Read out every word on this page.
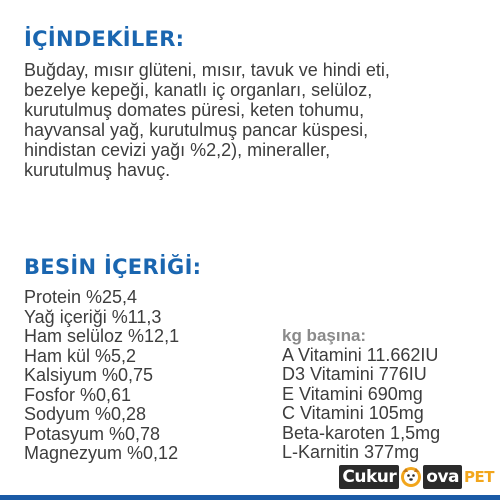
İÇİNDEKİLER:
Buğday, mısır glüteni, mısır, tavuk ve hindi eti,
bezelye kepeği, kanatlı iç organları, selüloz,
kurutulmuş domates püresi, keten tohumu,
hayvansal yağ, kurutulmuş pancar küspesi,
hindistan cevizi yağı %2,2), mineraller,
kurutulmuş havuç.
BESİN İÇERİĞİ:
Protein %25,4
Yağ içeriği %11,3
Ham selüloz %12,1
Ham kül %5,2
Kalsiyum %0,75
Fosfor %0,61
Sodyum %0,28
Potasyum %0,78
Magnezyum %0,12
kg başına:
A Vitamini 11.662IU
D3 Vitamini 776IU
E Vitamini 690mg
C Vitamini 105mg
Beta-karoten 1,5mg
L-Karnitin 377mg
Cukur ova PET
